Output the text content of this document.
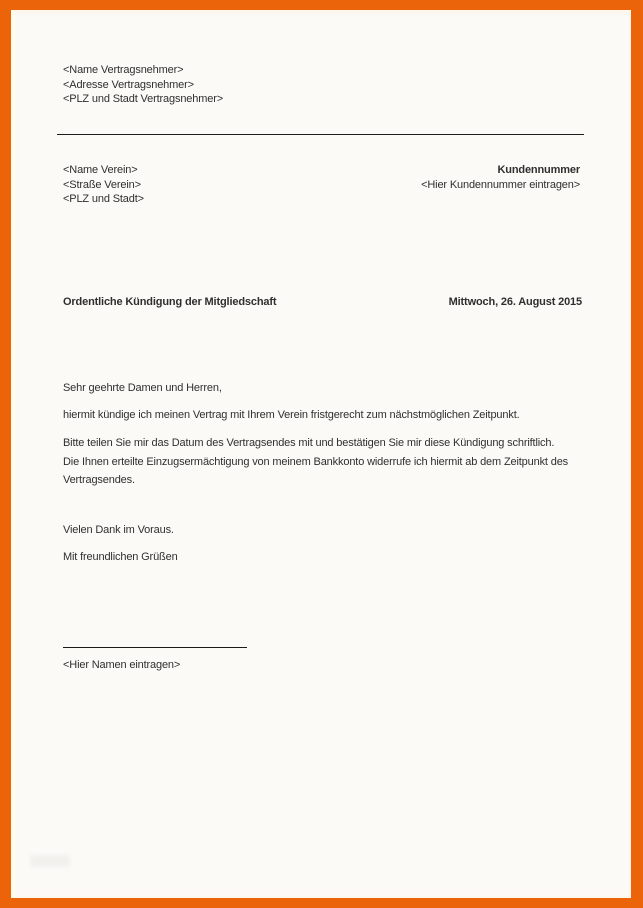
<Name Vertragsnehmer>
<Adresse Vertragsnehmer>
<PLZ und Stadt Vertragsnehmer>
<Name Verein>
<Straße Verein>
<PLZ und Stadt>
Kundennummer
<Hier Kundennummer eintragen>
Ordentliche Kündigung der Mitgliedschaft	Mittwoch, 26. August 2015
Sehr geehrte Damen und Herren,
hiermit kündige ich meinen Vertrag mit Ihrem Verein fristgerecht zum nächstmöglichen Zeitpunkt.
Bitte teilen Sie mir das Datum des Vertragsendes mit und bestätigen Sie mir diese Kündigung schriftlich.
Die Ihnen erteilte Einzugsermächtigung von meinem Bankkonto widerrufe ich hiermit ab dem Zeitpunkt des
Vertragsendes.
Vielen Dank im Voraus.
Mit freundlichen Grüßen
<Hier Namen eintragen>
